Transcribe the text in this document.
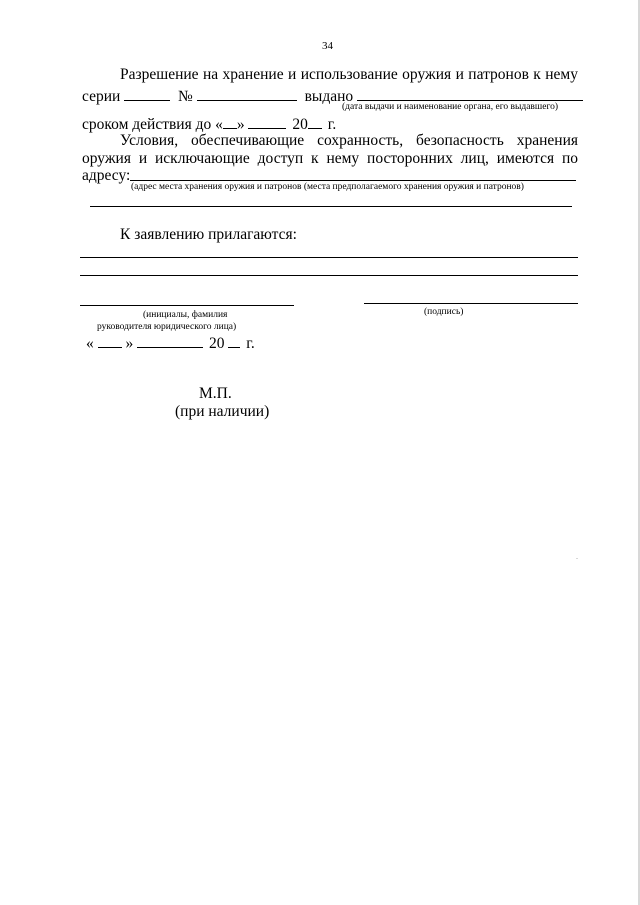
34
Разрешение на хранение и использование оружия и патронов к нему
серии	№	выдано
(дата выдачи и наименование органа, его выдавшего)
сроком действия до « »	20 г.
Условия, обеспечивающие сохранность, безопасность хранения
оружия и исключающие доступ к нему посторонних лиц, имеются по
адресу:
(адрес места хранения оружия и патронов (места предполагаемого хранения оружия и патронов)
К заявлению прилагаются:
(инициалы, фамилия
руководителя юридического лица)
(подпись)
« »	20 г.
М.П.
(при наличии)
.
